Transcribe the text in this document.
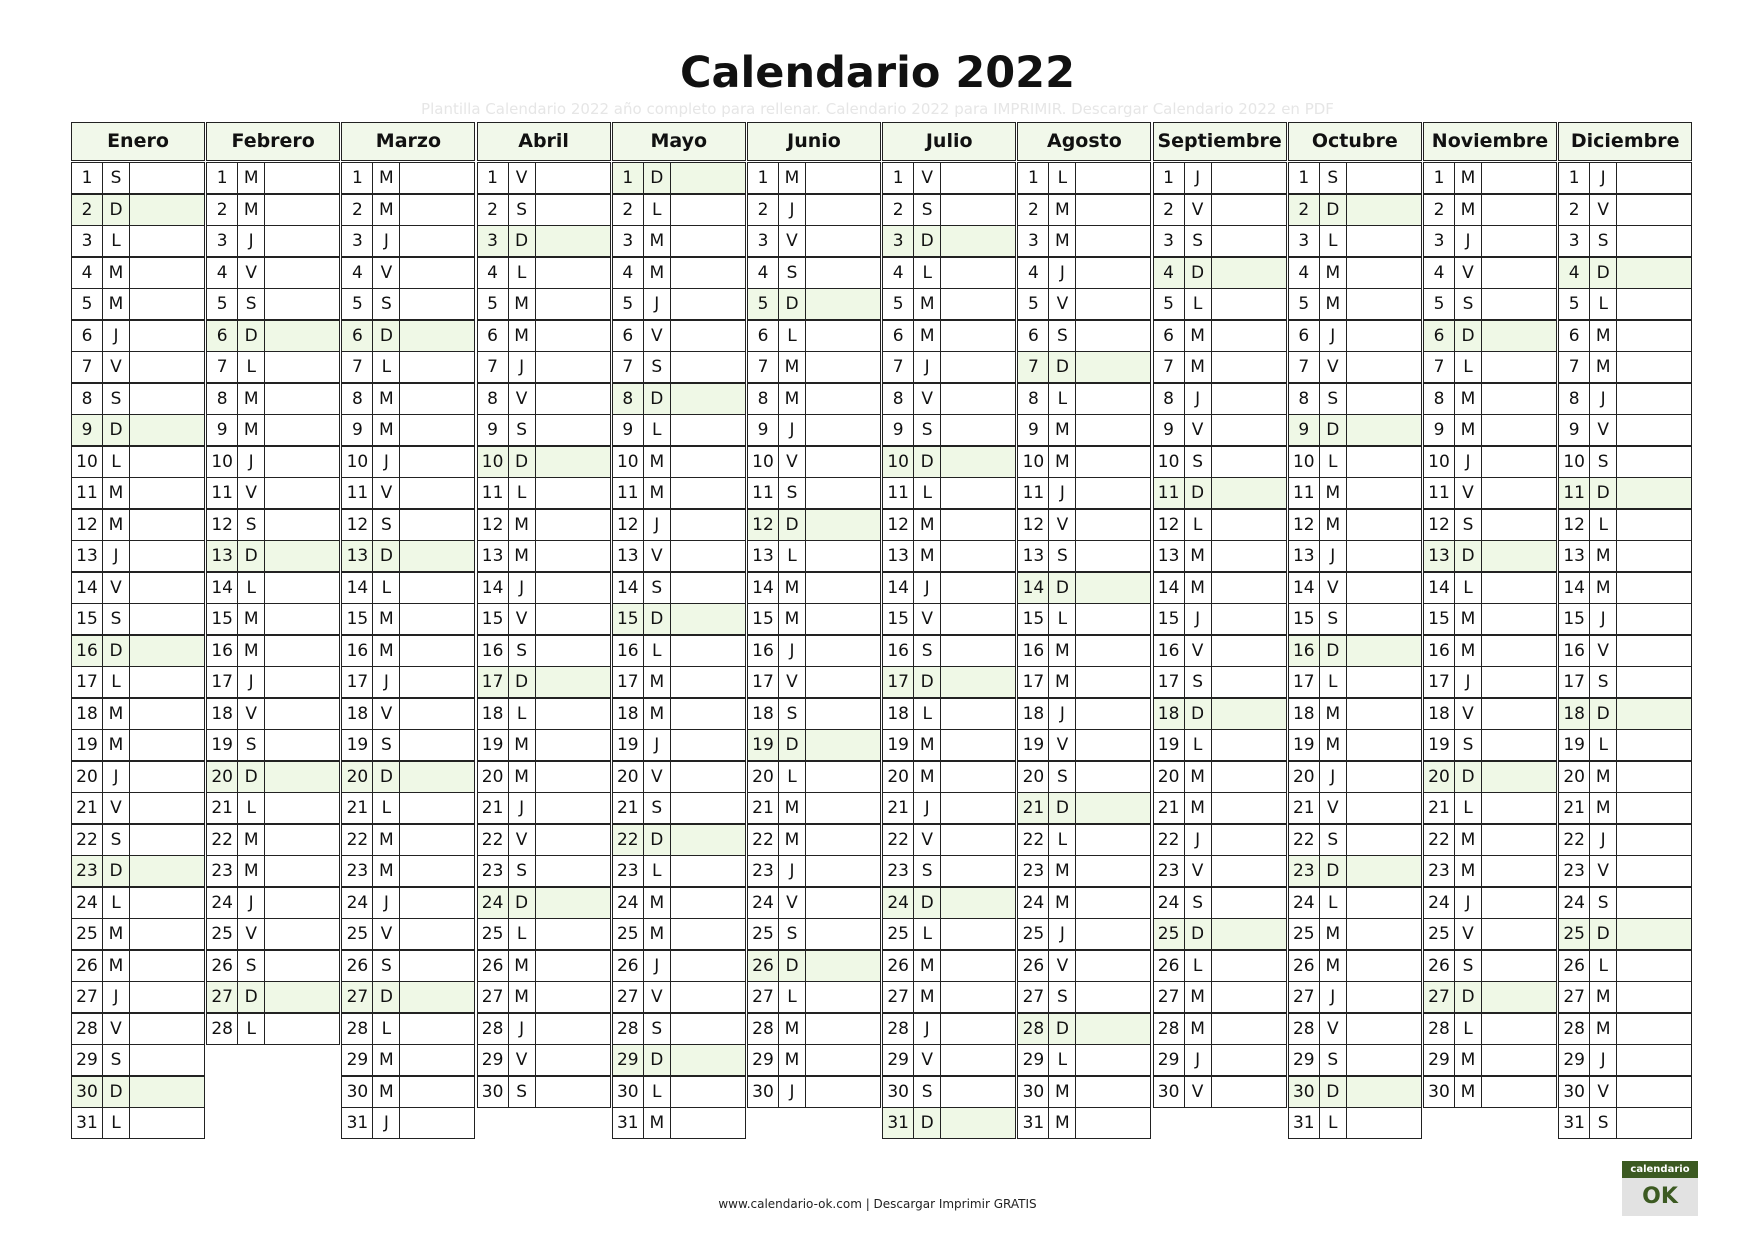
Calendario 2022
Plantilla Calendario 2022 año completo para rellenar. Calendario 2022 para IMPRIMIR. Descargar Calendario 2022 en PDF
Enero
1	S
2	D
3	L
4 M
5 M
6	J
7	V
8	S
9	D
10 L
11 M
12 M
13 J
14 V
15 S
16 D
17 L
18 M
19 M
20 J
21 V
22 S
23 D
24 L
25 M
26 M
27 J
28 V
29 S
30 D
31 L
Febrero
1 M
2 M
3	J
4	V
5	S
6	D
7	L
8 M
9 M
10 J
11 V
12 S
13 D
14 L
15 M
16 M
17 J
18 V
19 S
20 D
21 L
22 M
23 M
24 J
25 V
26 S
27 D
28 L
Marzo
1 M
2 M
3	J
4	V
5	S
6	D
7	L
8 M
9 M
10 J
11 V
12 S
13 D
14 L
15 M
16 M
17 J
18 V
19 S
20 D
21 L
22 M
23 M
24 J
25 V
26 S
27 D
28 L
29 M
30 M
31 J
Abril
1	V
2	S
3	D
4	L
5 M
6 M
7	J
8	V
9	S
10 D
11 L
12 M
13 M
14 J
15 V
16 S
17 D
18 L
19 M
20 M
21 J
22 V
23 S
24 D
25 L
26 M
27 M
28 J
29 V
30 S
Mayo
1	D
2	L
3 M
4 M
5	J
6	V
7	S
8	D
9	L
10 M
11 M
12 J
13 V
14 S
15 D
16 L
17 M
18 M
19 J
20 V
21 S
22 D
23 L
24 M
25 M
26 J
27 V
28 S
29 D
30 L
31 M
Junio
1 M
2	J
3	V
4	S
5	D
6	L
7 M
8 M
9	J
10 V
11 S
12 D
13 L
14 M
15 M
16 J
17 V
18 S
19 D
20 L
21 M
22 M
23 J
24 V
25 S
26 D
27 L
28 M
29 M
30 J
Julio
1	V
2	S
3	D
4	L
5 M
6 M
7	J
8	V
9	S
10 D
11 L
12 M
13 M
14 J
15 V
16 S
17 D
18 L
19 M
20 M
21 J
22 V
23 S
24 D
25 L
26 M
27 M
28 J
29 V
30 S
31 D
Agosto
1	L
2 M
3 M
4	J
5	V
6	S
7	D
8	L
9 M
10 M
11 J
12 V
13 S
14 D
15 L
16 M
17 M
18 J
19 V
20 S
21 D
22 L
23 M
24 M
25 J
26 V
27 S
28 D
29 L
30 M
31 M
Septiembre
1	J
2	V
3	S
4	D
5	L
6 M
7 M
8	J
9	V
10 S
11 D
12 L
13 M
14 M
15 J
16 V
17 S
18 D
19 L
20 M
21 M
22 J
23 V
24 S
25 D
26 L
27 M
28 M
29 J
30 V
Octubre
1	S
2	D
3	L
4 M
5 M
6	J
7	V
8	S
9	D
10 L
11 M
12 M
13 J
14 V
15 S
16 D
17 L
18 M
19 M
20 J
21 V
22 S
23 D
24 L
25 M
26 M
27 J
28 V
29 S
30 D
31 L
Noviembre
1 M
2 M
3	J
4	V
5	S
6	D
7	L
8 M
9 M
10 J
11 V
12 S
13 D
14 L
15 M
16 M
17 J
18 V
19 S
20 D
21 L
22 M
23 M
24 J
25 V
26 S
27 D
28 L
29 M
30 M
Diciembre
1	J
2	V
3	S
4	D
5	L
6 M
7 M
8	J
9	V
10 S
11 D
12 L
13 M
14 M
15 J
16 V
17 S
18 D
19 L
20 M
21 M
22 J
23 V
24 S
25 D
26 L
27 M
28 M
29 J
30 V
31 S
www.calendario-ok.com | Descargar Imprimir GRATIS
calendario
OK
